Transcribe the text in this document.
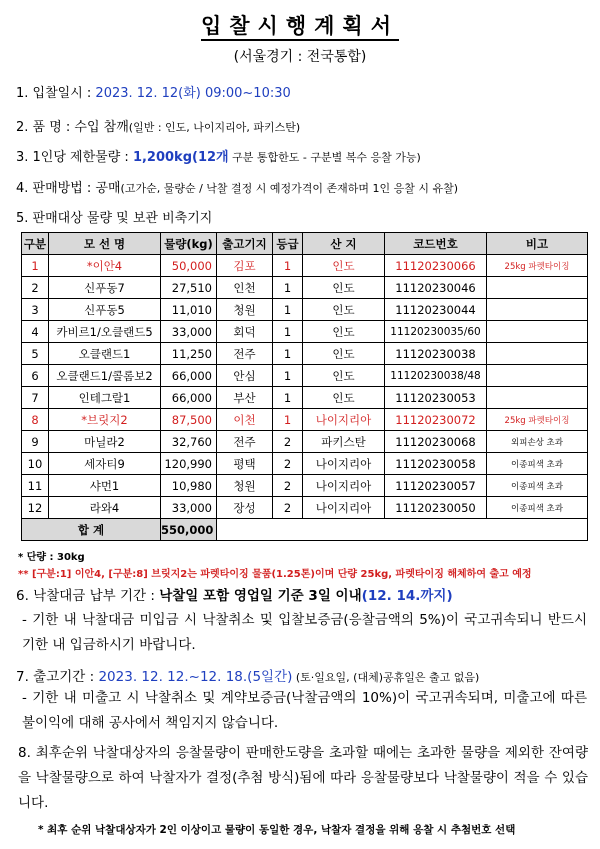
입찰시행계획서
(서울경기 : 전국통합)
1. 입찰일시 : 2023. 12. 12(화) 09:00~10:30
2. 품 명 : 수입 참깨(일반 : 인도, 나이지리아, 파키스탄)
3. 1인당 제한물량 : 1,200kg(12개 구분 통합한도 - 구분별 복수 응찰 가능)
4. 판매방법 : 공매(고가순, 물량순 / 낙찰 결정 시 예정가격이 존재하며 1인 응찰 시 유찰)
5. 판매대상 물량 및 보관 비축기지
구분	모 선 명	물량(kg)	출고기지	등급	산 지	코드번호	비고
1	*이안4	50,000	김포	1	인도	11120230066	25kg 파렛타이징
2	신푸동7	27,510	인천	1	인도	11120230046	
3	신푸동5	11,010	청원	1	인도	11120230044	
4	카비르1/오클랜드5	33,000	회덕	1	인도	1112023003​5/60	
5	오클랜드1	11,250	전주	1	인도	11120230038	
6	오클랜드1/콜롬보2	66,000	안심	1	인도	11120230038/48	
7	인테그랄1	66,000	부산	1	인도	11120230053	
8	*브릿지2	87,500	이천	1	나이지리아	11120230072	25kg 파렛타이징
9	마닐라2	32,760	전주	2	파키스탄	11120230068	외피손상 초과
10	세자티9	120,990	평택	2	나이지리아	11120230058	이종피색 초과
11	샤먼1	10,980	청원	2	나이지리아	11120230057	이종피색 초과
12	라와4	33,000	장성	2	나이지리아	11120230050	이종피색 초과
합 계		550,000					
* 단량 : 30kg
** [구분:1] 이안4, [구분:8] 브릿지2는 파렛타이징 물품(1.25톤)이며 단량 25kg, 파렛타이징 해체하여 출고 예정
6. 낙찰대금 납부 기간 : 낙찰일 포함 영업일 기준 3일 이내(12. 14.까지)
- 기한 내 낙찰대금 미입금 시 낙찰취소 및 입찰보증금(응찰금액의 5%)이 국고귀속되니 반드시 기한 내 입금하시기 바랍니다.
7. 출고기간 : 2023. 12. 12.~12. 18.(5일간) (토·일요일, (대체)공휴일은 출고 없음)
- 기한 내 미출고 시 낙찰취소 및 계약보증금(낙찰금액의 10%)이 국고귀속되며, 미출고에 따른 불이익에 대해 공사에서 책임지지 않습니다.
8. 최후순위 낙찰대상자의 응찰물량이 판매한도량을 초과할 때에는 초과한 물량을 제외한 잔여량을 낙찰물량으로 하여 낙찰자가 결정(추첨 방식)됨에 따라 응찰물량보다 낙찰물량이 적을 수 있습니다.
* 최후 순위 낙찰대상자가 2인 이상이고 물량이 동일한 경우, 낙찰자 결정을 위해 응찰 시 추첨번호 선택
